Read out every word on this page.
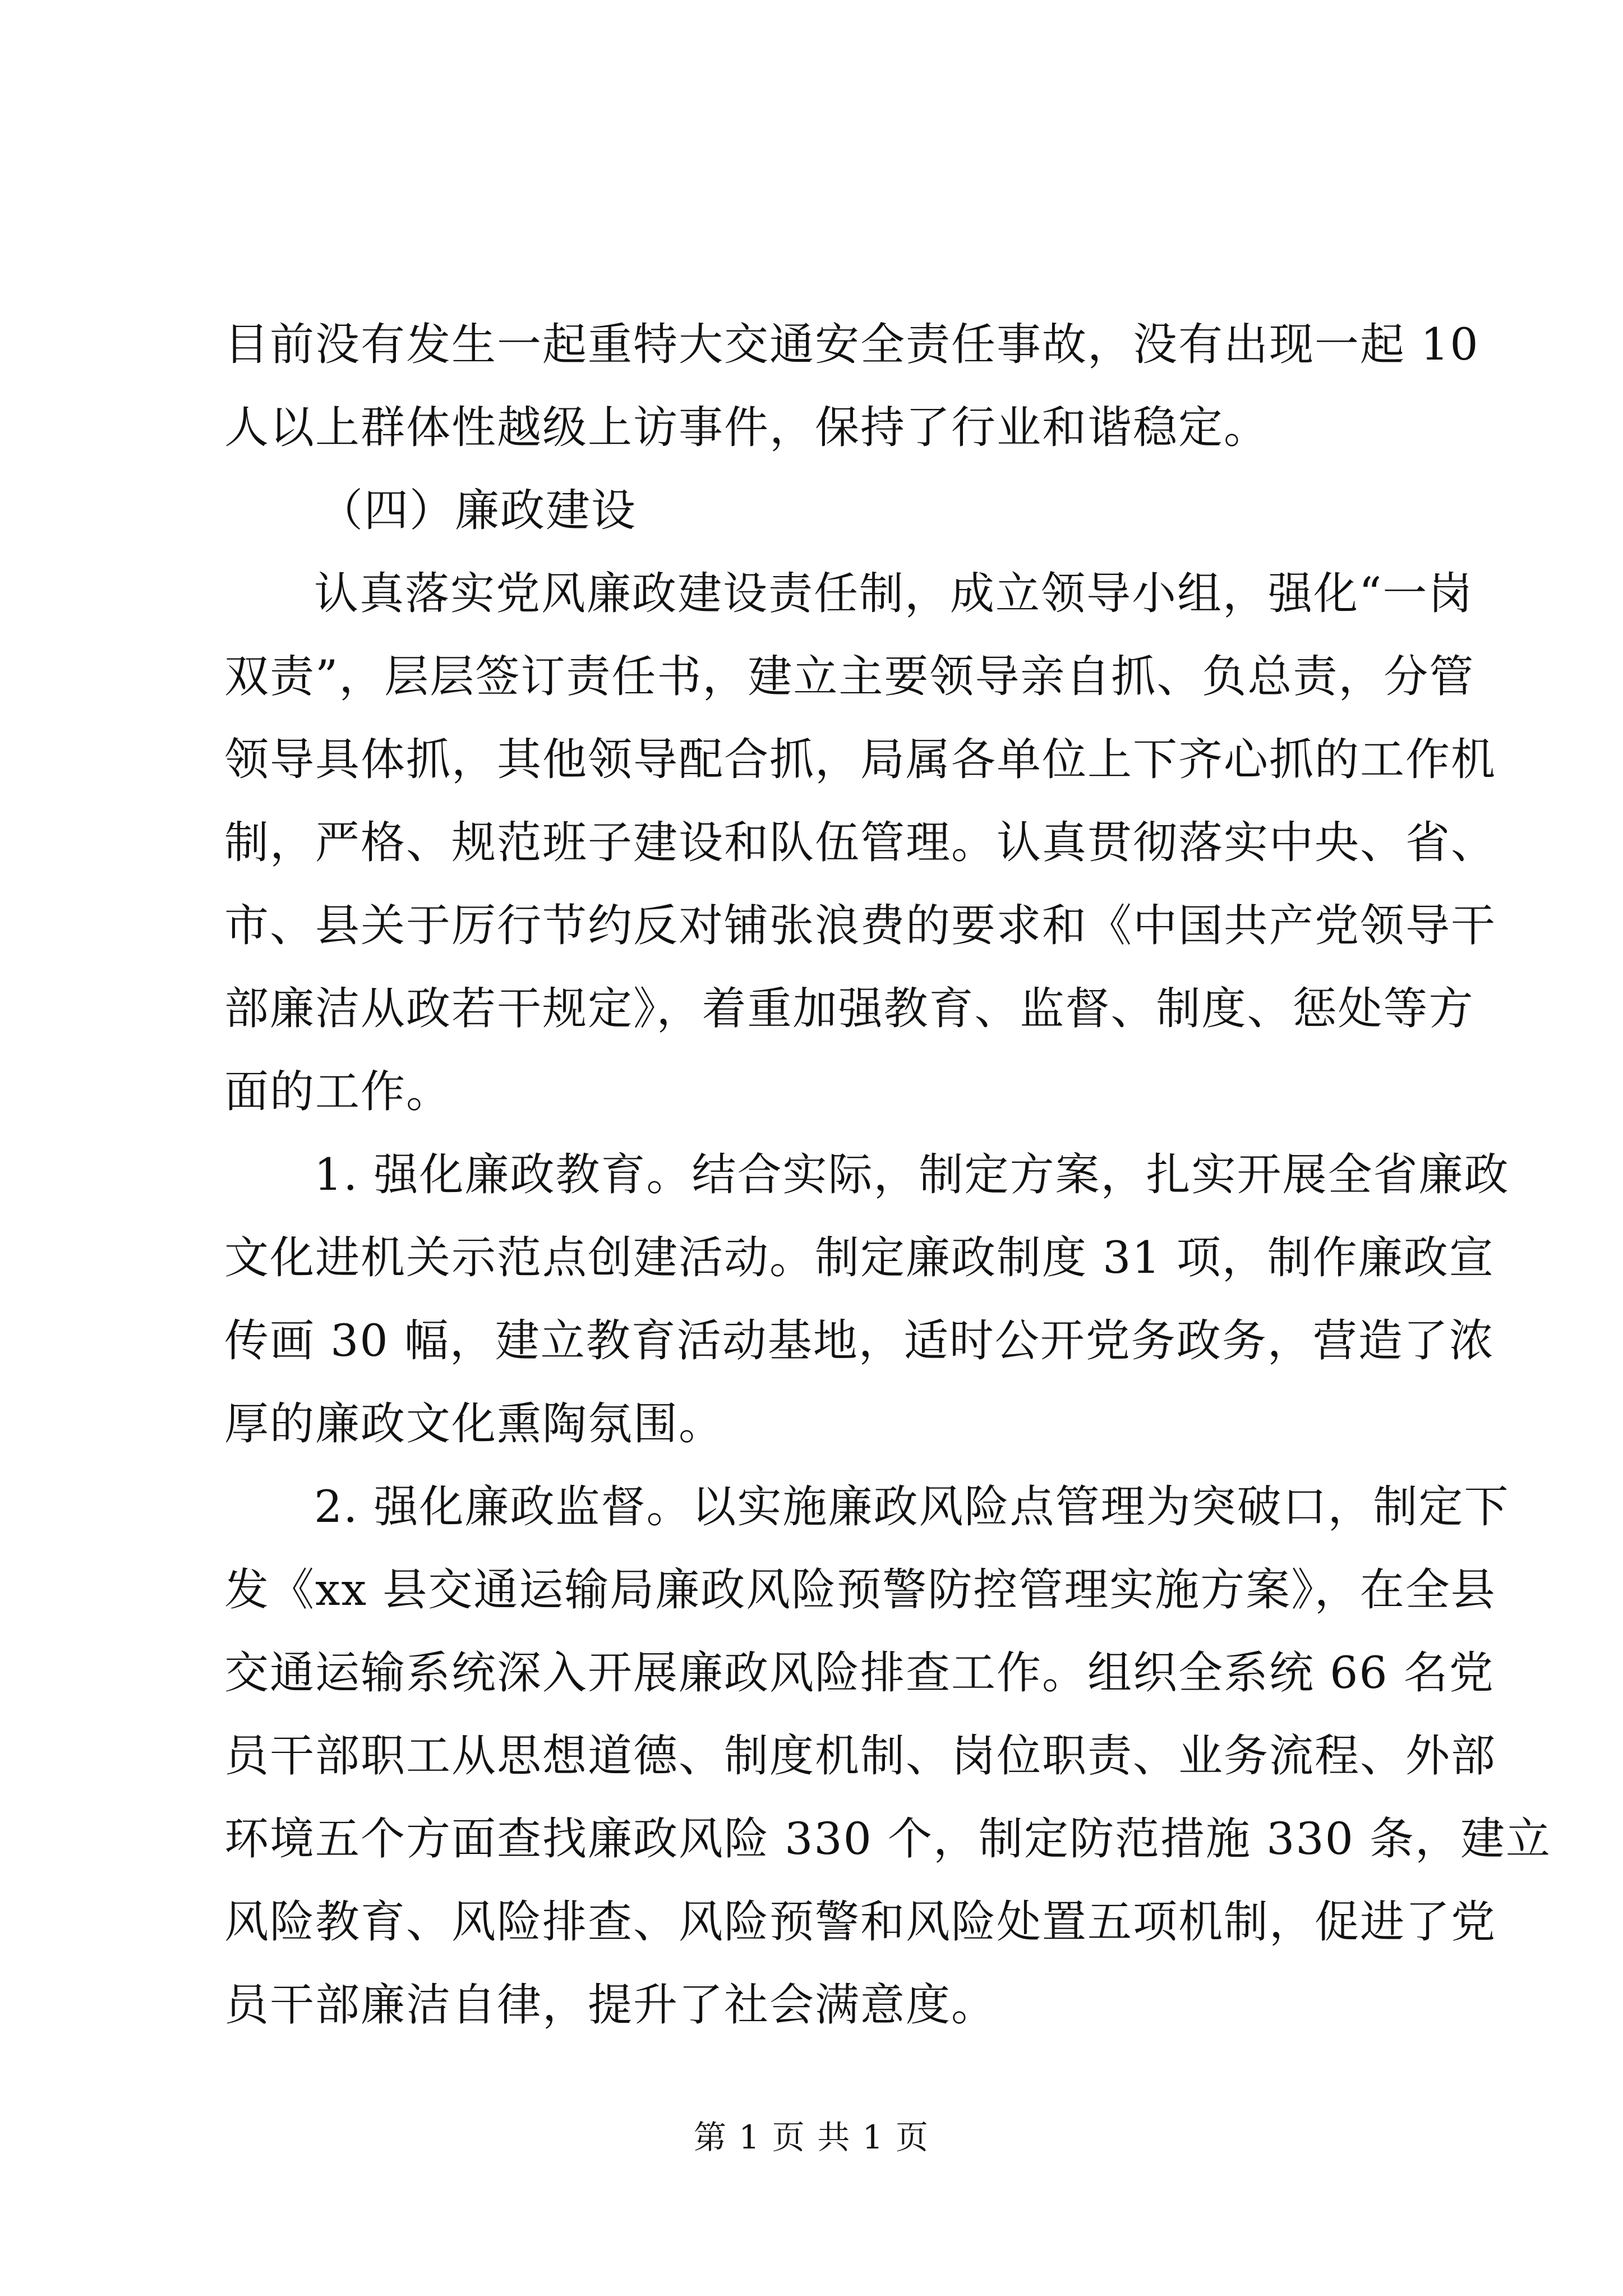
目前没有发生一起重特大交通安全责任事故，没有出现一起 10
人以上群体性越级上访事件，保持了行业和谐稳定。
（四）廉政建设
认真落实党风廉政建设责任制，成立领导小组，强化“一岗
双责”，层层签订责任书，建立主要领导亲自抓、负总责，分管
领导具体抓，其他领导配合抓，局属各单位上下齐心抓的工作机
制，严格、规范班子建设和队伍管理。认真贯彻落实中央、省、
市、县关于厉行节约反对铺张浪费的要求和《中国共产党领导干
部廉洁从政若干规定》，着重加强教育、监督、制度、惩处等方
面的工作。
1. 强化廉政教育。结合实际，制定方案，扎实开展全省廉政
文化进机关示范点创建活动。制定廉政制度 31 项，制作廉政宣
传画 30 幅，建立教育活动基地，适时公开党务政务，营造了浓
厚的廉政文化熏陶氛围。
2. 强化廉政监督。以实施廉政风险点管理为突破口，制定下
发《xx 县交通运输局廉政风险预警防控管理实施方案》，在全县
交通运输系统深入开展廉政风险排查工作。组织全系统 66 名党
员干部职工从思想道德、制度机制、岗位职责、业务流程、外部
环境五个方面查找廉政风险 330 个，制定防范措施 330 条，建立
风险教育、风险排查、风险预警和风险处置五项机制，促进了党
员干部廉洁自律，提升了社会满意度。
第 1 页 共 1 页
